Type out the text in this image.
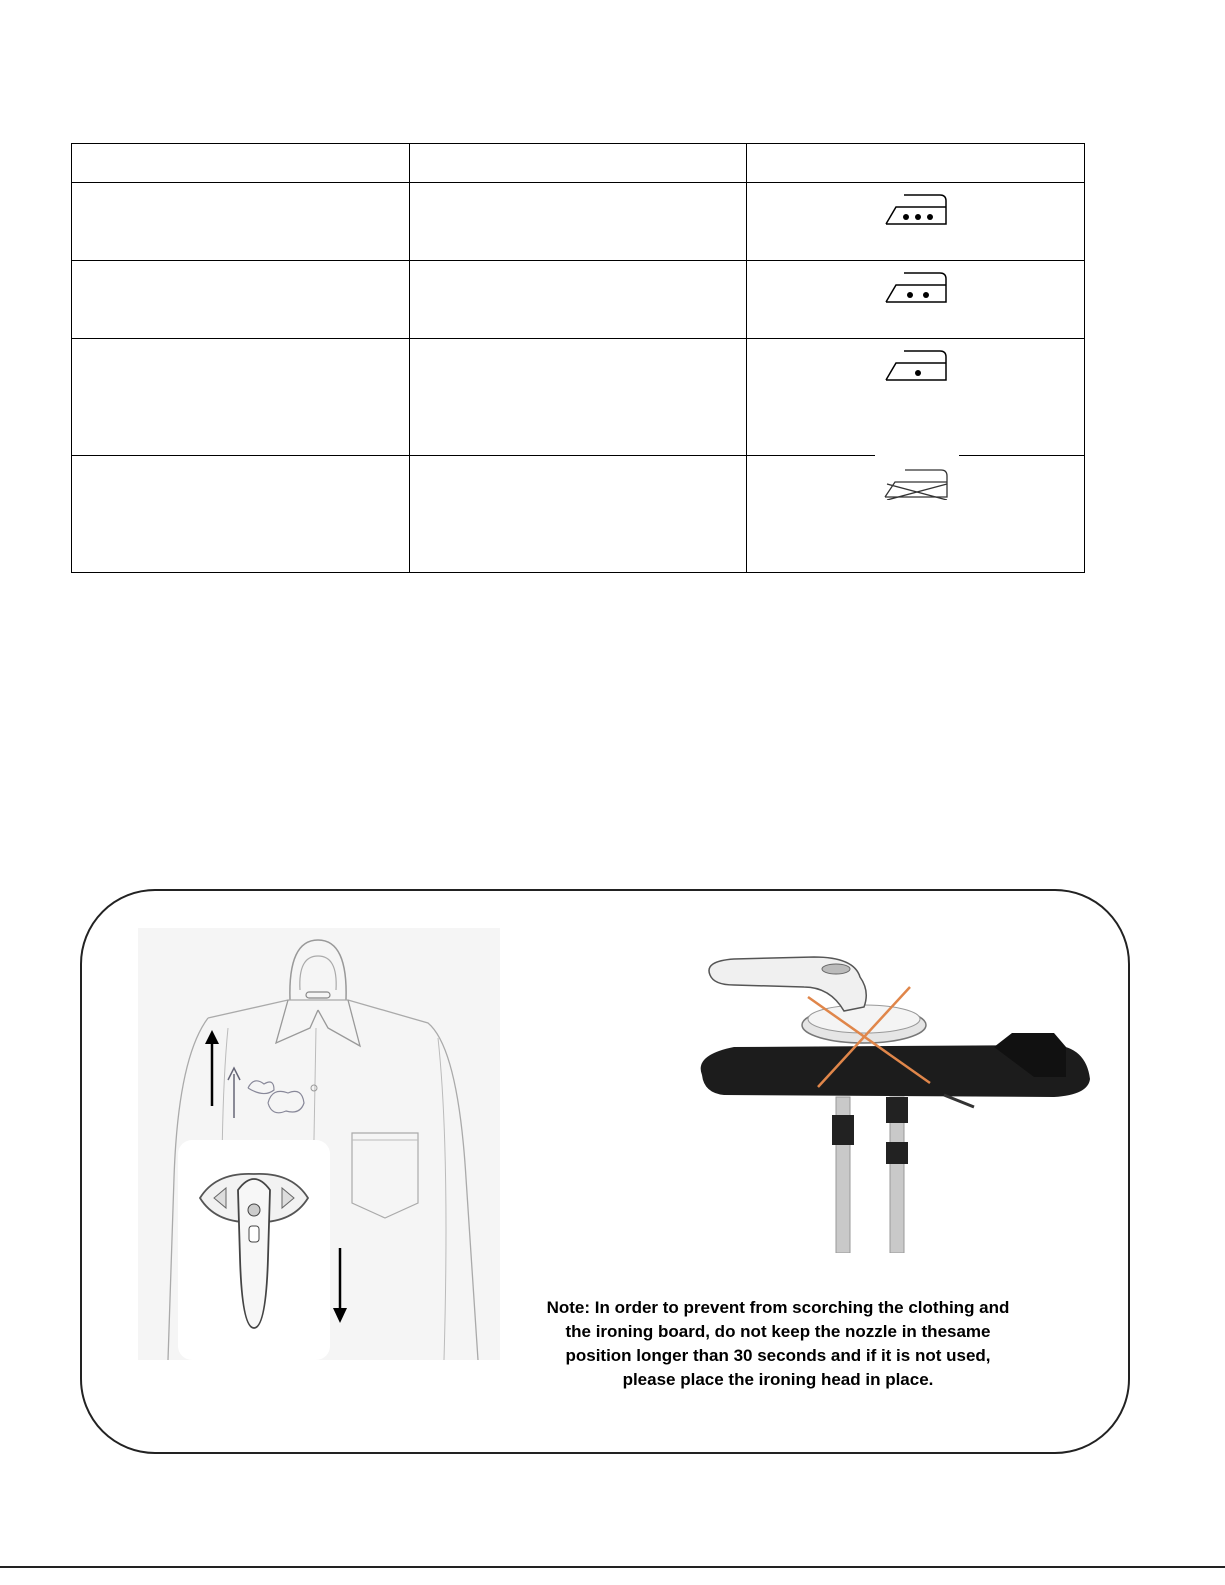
Note: In order to prevent from scorching the clothing and
the ironing board, do not keep the nozzle in thesame
position longer than 30 seconds and if it is not used,
please place the ironing head in place.
